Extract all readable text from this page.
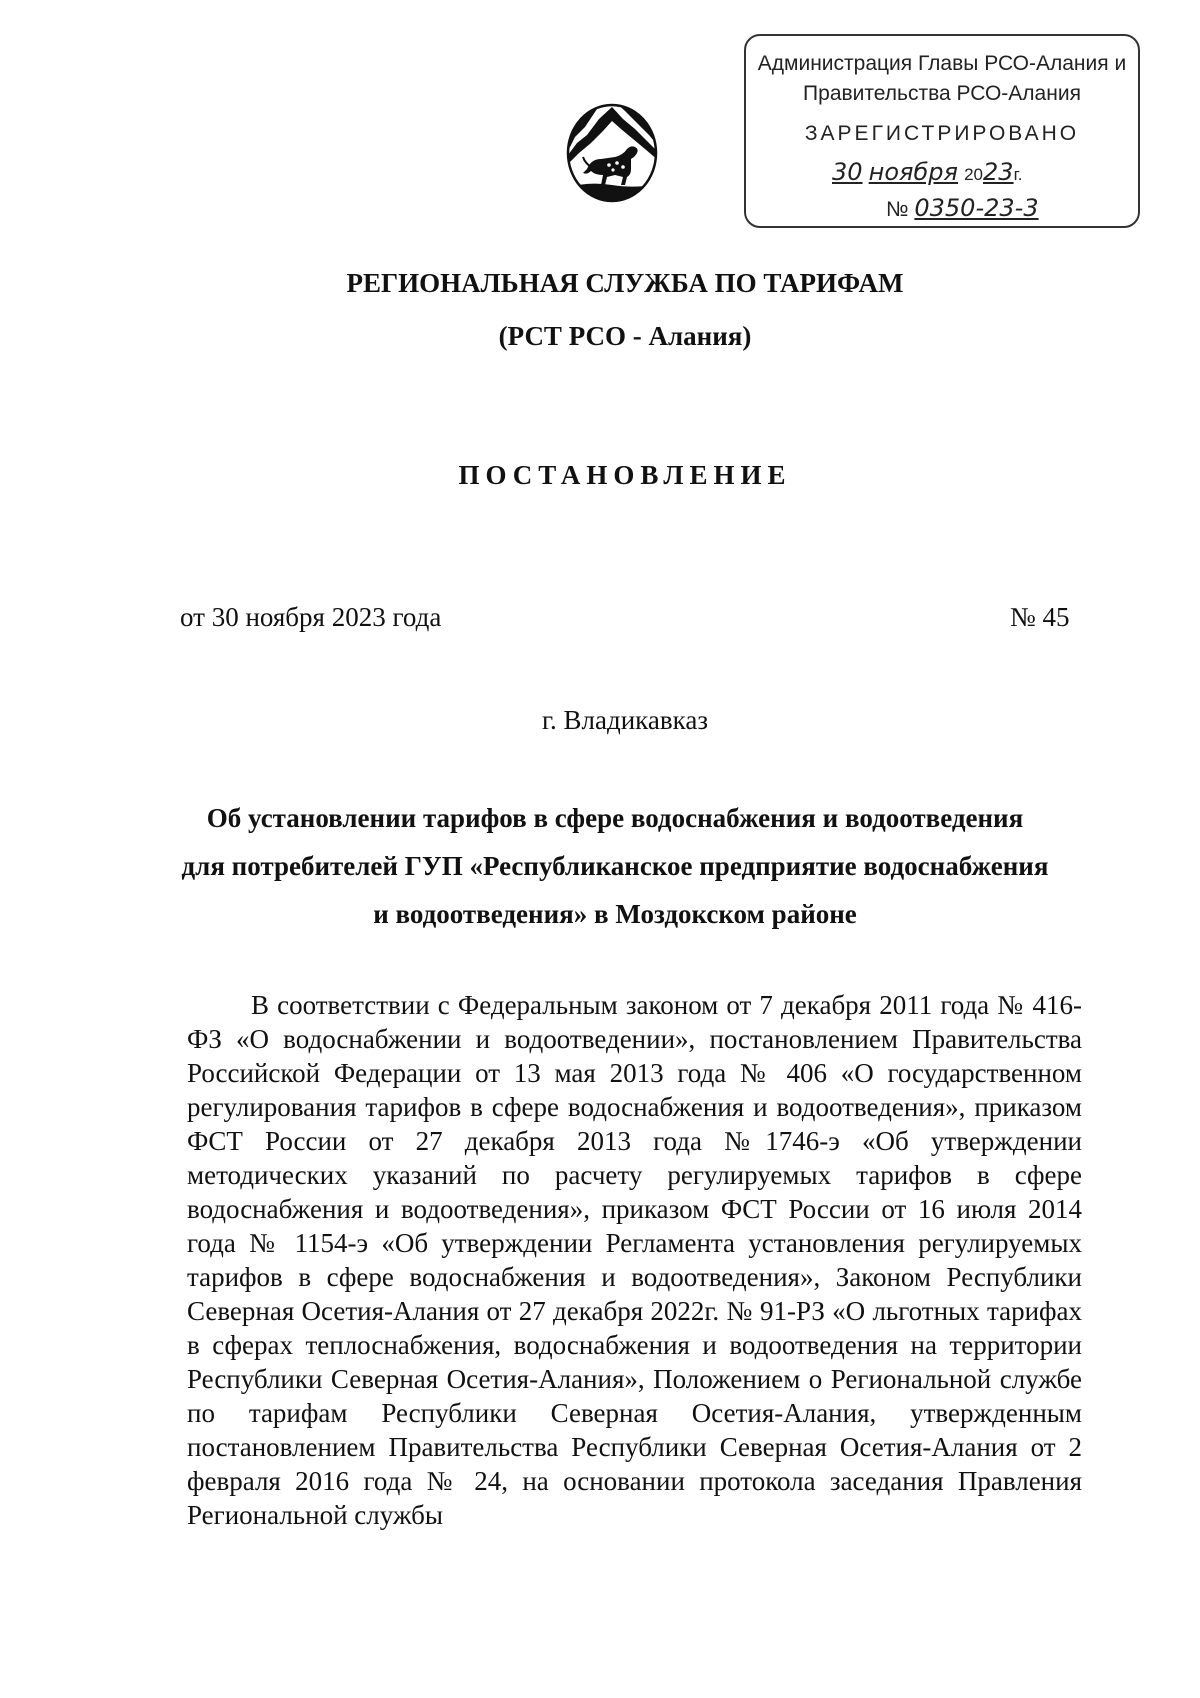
Администрация Главы РСО-Алания и
Правительства РСО-Алания
ЗАРЕГИСТРИРОВАНО
30 ноября 2023г.
№ 0350-23-3
РЕГИОНАЛЬНАЯ СЛУЖБА ПО ТАРИФАМ
(РСТ РСО - Алания)
ПОСТАНОВЛЕНИЕ
от 30 ноября 2023 года	№ 45
г. Владикавказ
Об установлении тарифов в сфере водоснабжения и водоотведения
для потребителей ГУП «Республиканское предприятие водоснабжения
и водоотведения» в Моздокском районе

В соответствии с Федеральным законом от 7 декабря 2011 года № 416-ФЗ «О водоснабжении и водоотведении», постановлением Правительства Российской Федерации от 13 мая 2013 года № 406 «О государственном регулирования тарифов в сфере водоснабжения и водоотведения», приказом ФСТ России от 27 декабря 2013 года №1746-э «Об утверждении методических указаний по расчету регулируемых тарифов в сфере водоснабжения и водоотведения», приказом ФСТ России от 16 июля 2014 года № 1154-э «Об утверждении Регламента установления регулируемых тарифов в сфере водоснабжения и водоотведения», Законом Республики Северная Осетия-Алания от 27 декабря 2022г. № 91-РЗ «О льготных тарифах в сферах теплоснабжения, водоснабжения и водоотведения на территории Республики Северная Осетия-Алания», Положением о Региональной службе по тарифам Республики Северная Осетия-Алания, утвержденным постановлением Правительства Республики Северная Осетия-Алания от 2 февраля 2016 года № 24, на основании протокола заседания Правления Региональной службы
